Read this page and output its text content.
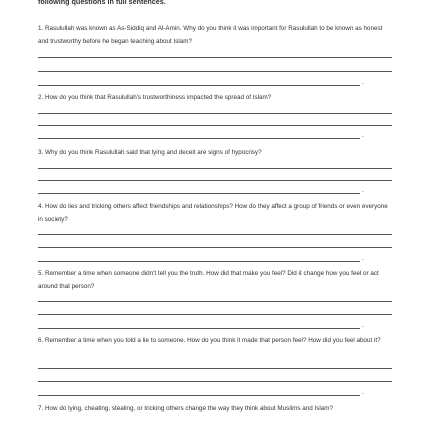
following questions in full sentences.

1. Rasulullah was known as As-Siddiq and Al-Amin. Why do you think it was important for Rasulullah to be known as honest and trustworthy before he began teaching about Islam?

.

2. How do you think that Rasulullah's trustworthiness impacted the spread of Islam?

.

3. Why do you think Rasulullah said that lying and deceit are signs of hypocrisy?

.

4. How do lies and tricking others affect friendships and relationships? How do they affect a group of friends or even everyone in society?

.

5. Remember a time when someone didn't tell you the truth. How did that make you feel? Did it change how you feel or act around that person?

.

6. Remember a time when you told a lie to someone. How do you think it made that person feel? How did you feel about it?

.

7. How do lying, cheating, stealing, or tricking others change the way they think about Muslims and Islam?
